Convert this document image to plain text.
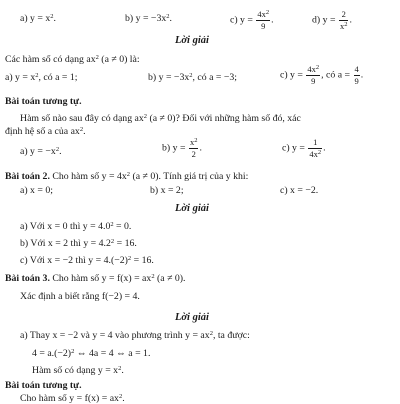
a) $y = x^2$.	b) $y = -3x^2$.	c) $y = \frac{4x^2}{9}$ .	d) $y = \frac{2}{x^2}$ .
Lời giải
Các hàm số có dạng $ax^2$ (a ≠ 0) là:
a) $y = x^2$, có a = 1;	b) $y = -3x^2$, có a = −3;	c) $y = \frac{4x^2}{9}$ , có $a = \frac{4}{9}$ .
Bài toán tương tự.
Hàm số nào sau đây có dạng $ax^2$ (a ≠ 0)? Đối với những hàm số đó, xác
định hệ số a của $ax^2$.
a) $y = -x^2$.	b) $y = \frac{x^2}{2}$ .	c) $y = \frac{1}{4x^2}$ .
Bài toán 2. Cho hàm số $y = 4x^2$ (a ≠ 0). Tính giá trị của y khi:
a) x = 0;	b) x = 2;	c) x = −2.
Lời giải
a) Với x = 0 thì $y = 4.0^2 = 0$.
b) Với x = 2 thì $y = 4.2^2 = 16$.
c) Với x = −2 thì $y = 4.(-2)^2 = 16$.
Bài toán 3. Cho hàm số $y = f(x) = ax^2$ (a ≠ 0).
Xác định a biết rằng f(−2) = 4.
Lời giải
a) Thay x = −2 và y = 4 vào phương trình $y = ax^2$, ta được:
$4 = a.(-2)^2$ ⇔ 4a = 4 ⇔ a = 1.
Hàm số có dạng $y = x^2$.
Bài toán tương tự.
Cho hàm số $y = f(x) = ax^2$.
